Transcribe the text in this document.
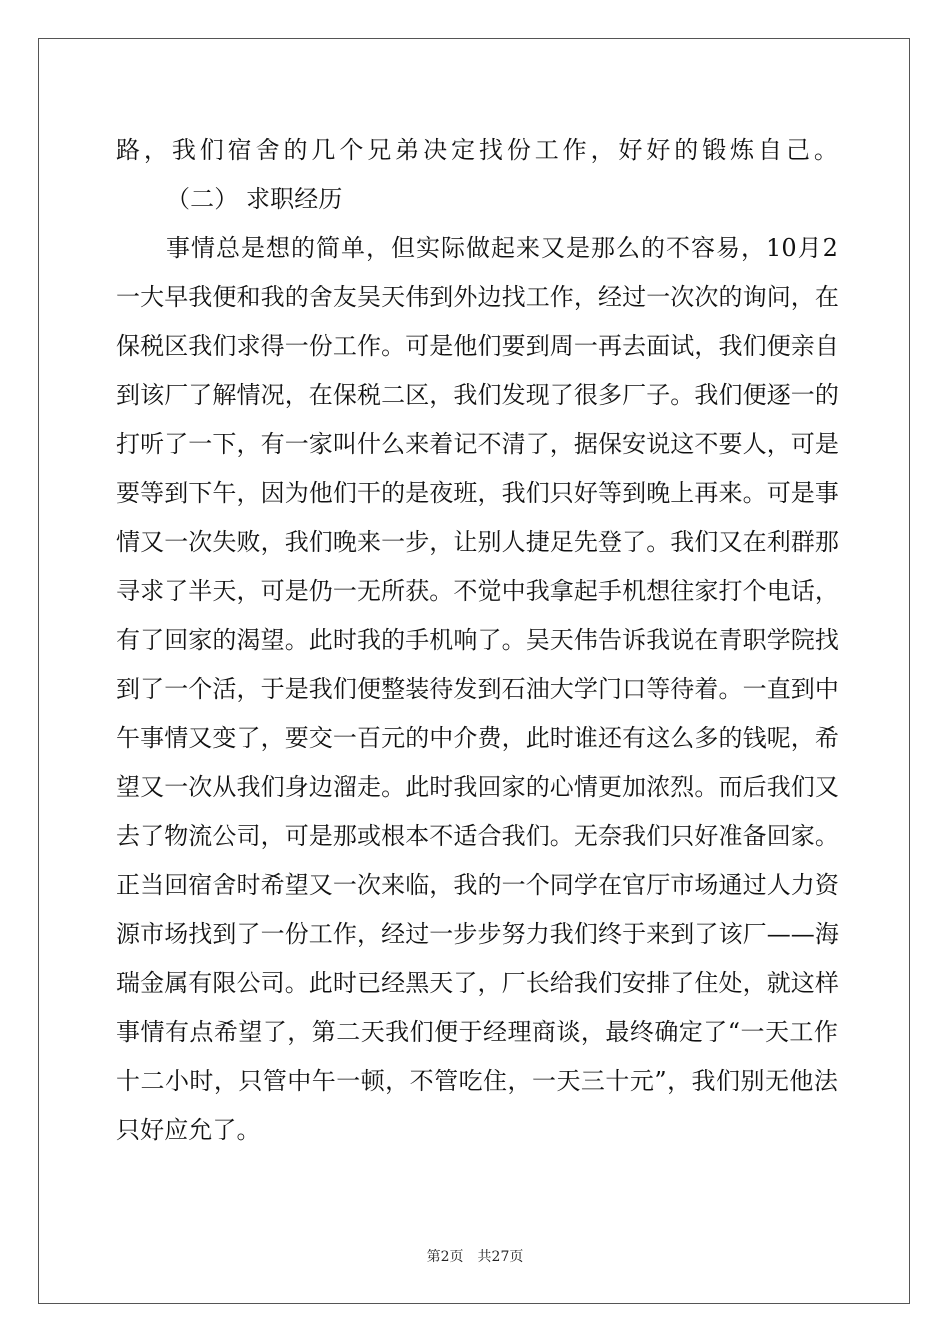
路，我们宿舍的几个兄弟决定找份工作，好好的锻炼自己。
（二） 求职经历
事情总是想的简单，但实际做起来又是那么的不容易，10月2
一大早我便和我的舍友吴天伟到外边找工作，经过一次次的询问，在
保税区我们求得一份工作。可是他们要到周一再去面试，我们便亲自
到该厂了解情况，在保税二区，我们发现了很多厂子。我们便逐一的
打听了一下，有一家叫什么来着记不清了，据保安说这不要人，可是
要等到下午，因为他们干的是夜班，我们只好等到晚上再来。可是事
情又一次失败，我们晚来一步，让别人捷足先登了。我们又在利群那
寻求了半天，可是仍一无所获。不觉中我拿起手机想往家打个电话，
有了回家的渴望。此时我的手机响了。吴天伟告诉我说在青职学院找
到了一个活，于是我们便整装待发到石油大学门口等待着。一直到中
午事情又变了，要交一百元的中介费，此时谁还有这么多的钱呢，希
望又一次从我们身边溜走。此时我回家的心情更加浓烈。而后我们又
去了物流公司，可是那或根本不适合我们。无奈我们只好准备回家。
正当回宿舍时希望又一次来临，我的一个同学在官厅市场通过人力资
源市场找到了一份工作，经过一步步努力我们终于来到了该厂——海
瑞金属有限公司。此时已经黑天了，厂长给我们安排了住处，就这样
事情有点希望了，第二天我们便于经理商谈，最终确定了“一天工作
十二小时，只管中午一顿，不管吃住，一天三十元”，我们别无他法
只好应允了。
第2页　共27页
